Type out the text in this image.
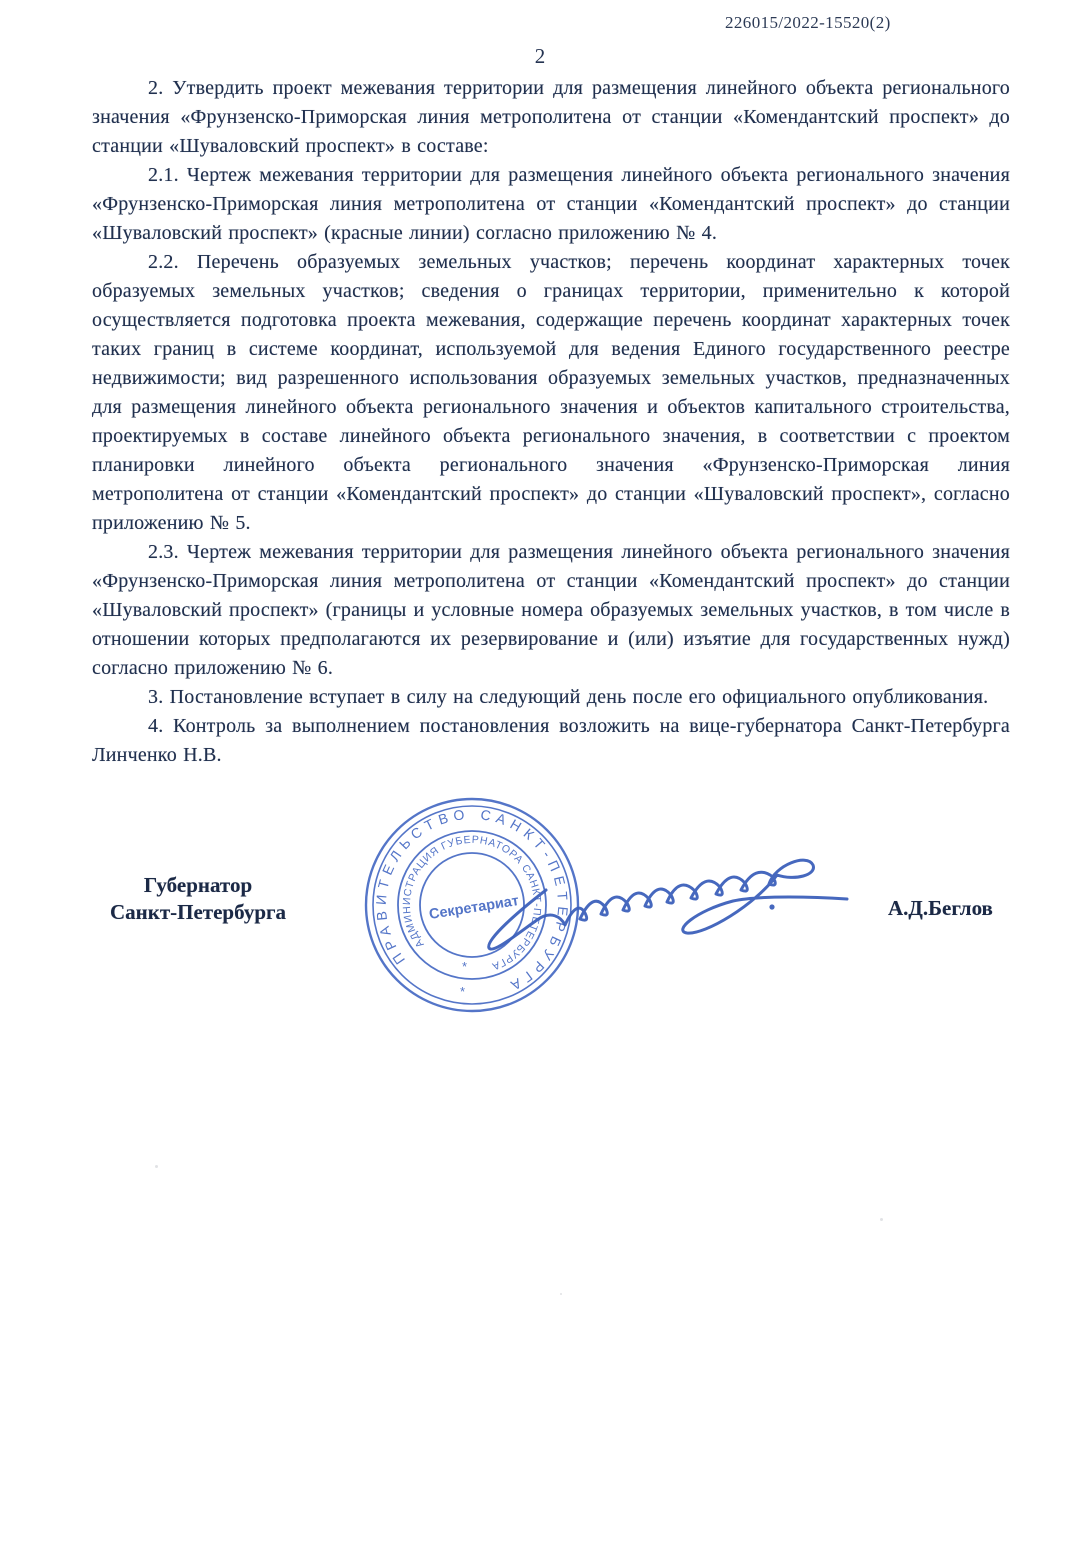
226015/2022-15520(2)
2

2. Утвердить проект межевания территории для размещения линейного объекта регионального значения «Фрунзенско-Приморская линия метрополитена от станции «Комендантский проспект» до станции «Шуваловский проспект» в составе:

2.1. Чертеж межевания территории для размещения линейного объекта регионального значения «Фрунзенско-Приморская линия метрополитена от станции «Комендантский проспект» до станции «Шуваловский проспект» (красные линии) согласно приложению № 4.

2.2. Перечень образуемых земельных участков; перечень координат характерных точек образуемых земельных участков; сведения о границах территории, применительно к которой осуществляется подготовка проекта межевания, содержащие перечень координат характерных точек таких границ в системе координат, используемой для ведения Единого государственного реестре недвижимости; вид разрешенного использования образуемых земельных участков, предназначенных для размещения линейного объекта регионального значения и объектов капитального строительства, проектируемых в составе линейного объекта регионального значения, в соответствии с проектом планировки линейного объекта регионального значения «Фрунзенско-Приморская линия метрополитена от станции «Комендантский проспект» до станции «Шуваловский проспект», согласно приложению № 5.

2.3. Чертеж межевания территории для размещения линейного объекта регионального значения «Фрунзенско-Приморская линия метрополитена от станции «Комендантский проспект» до станции «Шуваловский проспект» (границы и условные номера образуемых земельных участков, в том числе в отношении которых предполагаются их резервирование и (или) изъятие для государственных нужд) согласно приложению № 6.

3. Постановление вступает в силу на следующий день после его официального опубликования.

4. Контроль за выполнением постановления возложить на вице-губернатора Санкт-Петербурга Линченко Н.В.

Губернатор
Санкт-Петербурга	А.Д.Беглов
ПРАВИТЕЛЬСТВО САНКТ-ПЕТЕРБУРГА
АДМИНИСТРАЦИЯ ГУБЕРНАТОРА САНКТ-ПЕТЕРБУРГА
*
*
Секретариат
